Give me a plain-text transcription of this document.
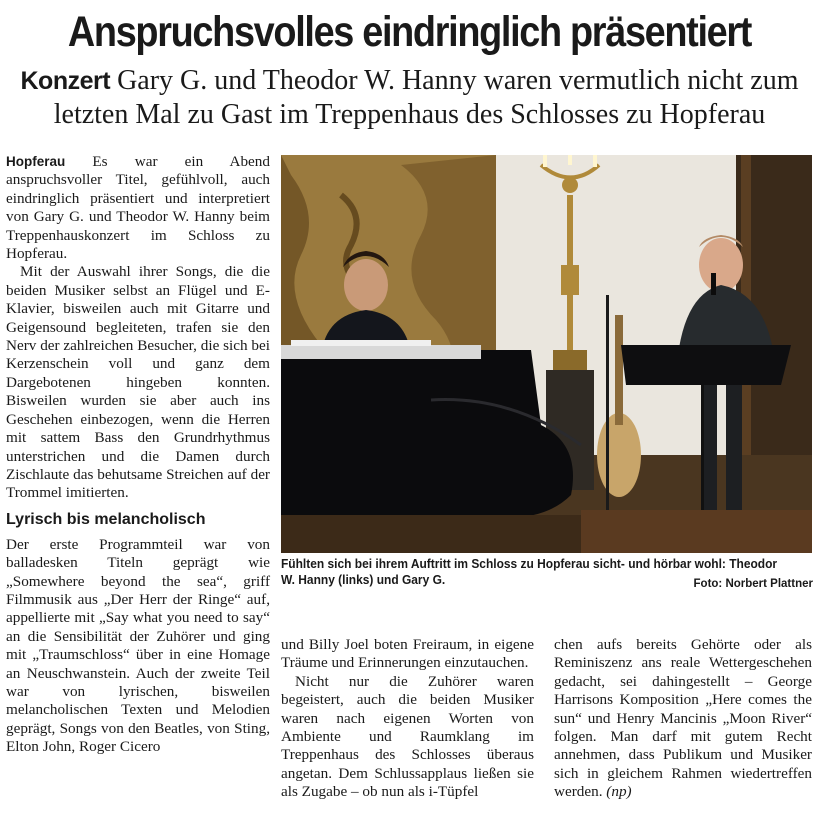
Anspruchsvolles eindringlich präsentiert
Konzert Gary G. und Theodor W. Hanny waren vermutlich nicht zum letzten Mal zu Gast im Treppenhaus des Schlosses zu Hopferau

Hopferau Es war ein Abend anspruchsvoller Titel, gefühlvoll, auch eindringlich präsentiert und interpretiert von Gary G. und Theodor W. Hanny beim Treppenhauskonzert im Schloss zu Hopferau.

Mit der Auswahl ihrer Songs, die die beiden Musiker selbst an Flügel und E-Klavier, bisweilen auch mit Gitarre und Geigensound begleiteten, trafen sie den Nerv der zahlreichen Besucher, die sich bei Kerzenschein voll und ganz dem Dargebotenen hingeben konnten. Bisweilen wurden sie aber auch ins Geschehen einbezogen, wenn die Herren mit sattem Bass den Grundrhythmus unterstrichen und die Damen durch Zischlaute das behutsame Streichen auf der Trommel imitierten.

Lyrisch bis melancholisch

Der erste Programmteil war von balladesken Titeln geprägt wie „Somewhere beyond the sea“, griff Filmmusik aus „Der Herr der Ringe“ auf, appellierte mit „Say what you need to say“ an die Sensibilität der Zuhörer und ging mit „Traumschloss“ über in eine Homage an Neuschwanstein. Auch der zweite Teil war von lyrischen, bisweilen melancholischen Texten und Melodien geprägt, Songs von den Beatles, von Sting, Elton John, Roger Cicero

Fühlten sich bei ihrem Auftritt im Schloss zu Hopferau sicht- und hörbar wohl: Theodor W. Hanny (links) und Gary G.	Foto: Norbert Plattner

und Billy Joel boten Freiraum, in eigene Träume und Erinnerungen einzutauchen.

Nicht nur die Zuhörer waren begeistert, auch die beiden Musiker waren nach eigenen Worten von Ambiente und Raumklang im Treppenhaus des Schlosses überaus angetan. Dem Schlussapplaus ließen sie als Zugabe – ob nun als i-Tüpfel

chen aufs bereits Gehörte oder als Reminiszenz ans reale Wettergeschehen gedacht, sei dahingestellt – George Harrisons Komposition „Here comes the sun“ und Henry Mancinis „Moon River“ folgen. Man darf mit gutem Recht annehmen, dass Publikum und Musiker sich in gleichem Rahmen wiedertreffen werden. (np)
